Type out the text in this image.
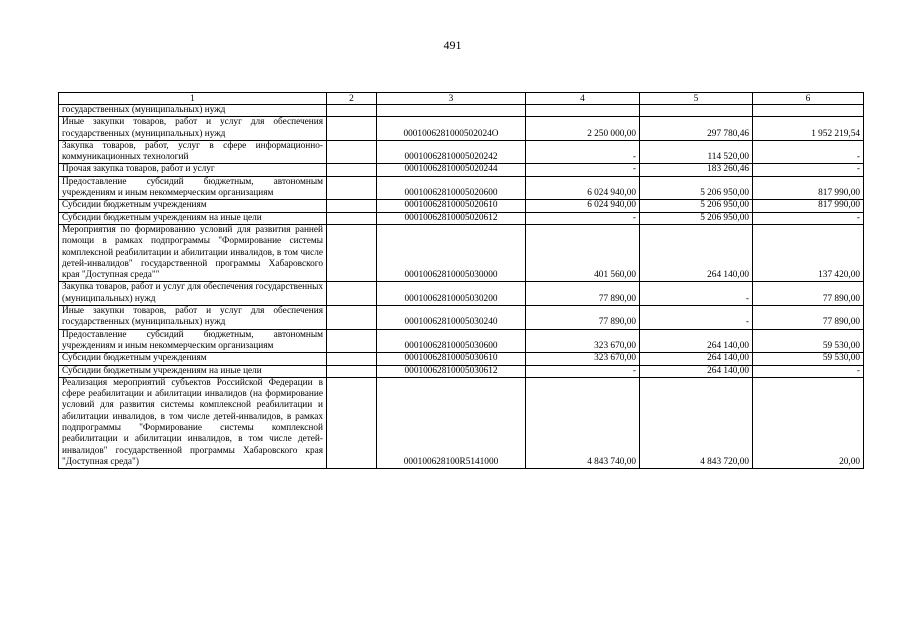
491
1	2	3	4	5	6
государственных (муниципальных) нужд					
Иные закупки товаров, работ и услуг для обеспечения государственных (муниципальных) нужд		0001006281000502024О	2 250 000,00	297 780,46	1 952 219,54
Закупка товаров, работ, услуг в сфере информационно-коммуникационных технологий		00010062810005020242	-	114 520,00	-
Прочая закупка товаров, работ и услуг		00010062810005020244	-	183 260,46	-
Предоставление субсидий бюджетным, автономным учреждениям и иным некоммерческим организациям		00010062810005020600	6 024 940,00	5 206 950,00	817 990,00
Субсидии бюджетным учреждениям		00010062810005020610	6 024 940,00	5 206 950,00	817 990,00
Субсидии бюджетным учреждениям на иные цели		00010062810005020612	-	5 206 950,00	-
Мероприятия по формированию условий для развития ранней помощи в рамках подпрограммы "Формирование системы комплексной реабилитации и абилитации инвалидов, в том числе детей-инвалидов" государственной программы Хабаровского края "Доступная среда""		00010062810005030000	401 560,00	264 140,00	137 420,00
Закупка товаров, работ и услуг для обеспечения государственных (муниципальных) нужд		00010062810005030200	77 890,00	-	77 890,00
Иные закупки товаров, работ и услуг для обеспечения государственных (муниципальных) нужд		00010062810005030240	77 890,00	-	77 890,00
Предоставление субсидий бюджетным, автономным учреждениям и иным некоммерческим организациям		00010062810005030600	323 670,00	264 140,00	59 530,00
Субсидии бюджетным учреждениям		00010062810005030610	323 670,00	264 140,00	59 530,00
Субсидии бюджетным учреждениям на иные цели		00010062810005030612	-	264 140,00	-
Реализация мероприятий субъектов Российской Федерации в сфере реабилитации и абилитации инвалидов (на формирование условий для развития системы комплексной реабилитации и абилитации инвалидов, в том числе детей-инвалидов, в рамках подпрограммы "Формирование системы комплексной реабилитации и абилитации инвалидов, в том числе детей-инвалидов" государственной программы Хабаровского края "Доступная среда")		000100628100R5141000	4 843 740,00	4 843 720,00	20,00
